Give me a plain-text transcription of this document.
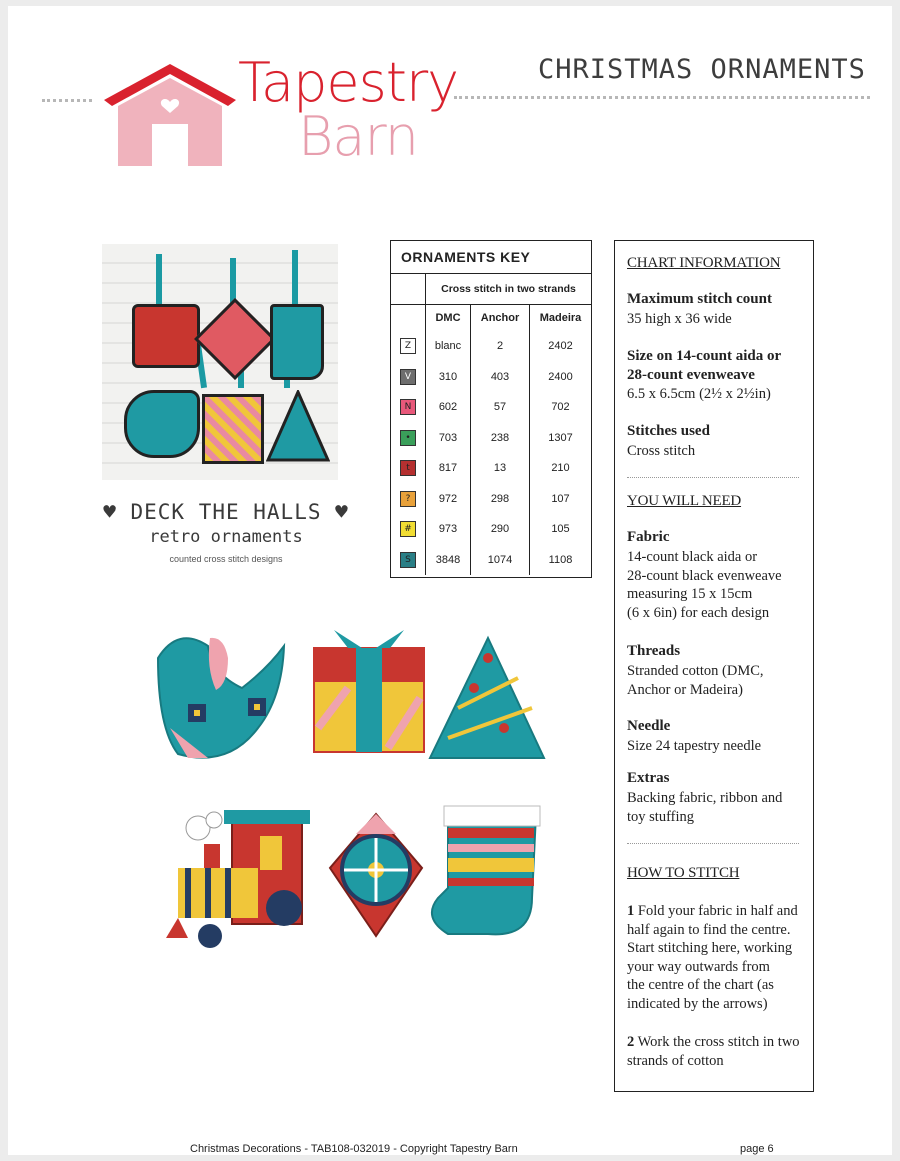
Tapestry
Barn
CHRISTMAS ORNAMENTS
♥ DECK THE HALLS ♥
retro ornaments
counted cross stitch designs
ORNAMENTS KEY
	Cross stitch in two strands		
	DMC	Anchor	Madeira
Z	blanc	2	2402
V	310	403	2400
N	602	57	702
•	703	238	1307
t	817	13	210
?	972	298	107
#	973	290	105
S	3848	1074	1108
CHART INFORMATION
Maximum stitch count
35 high x 36 wide
Size on 14-count aida or
28-count evenweave
6.5 x 6.5cm (2½ x 2½in)
Stitches used
Cross stitch
YOU WILL NEED
Fabric
14-count black aida or
28-count black evenweave
measuring 15 x 15cm
(6 x 6in) for each design
Threads
Stranded cotton (DMC,
Anchor or Madeira)
Needle
Size 24 tapestry needle
Extras
Backing fabric, ribbon and
toy stuffing
HOW TO STITCH
1 Fold your fabric in half and
half again to find the centre.
Start stitching here, working
your way outwards from
the centre of the chart (as
indicated by the arrows)
2 Work the cross stitch in two
strands of cotton
Christmas Decorations - TAB108-032019 - Copyright Tapestry Barn	page 6
